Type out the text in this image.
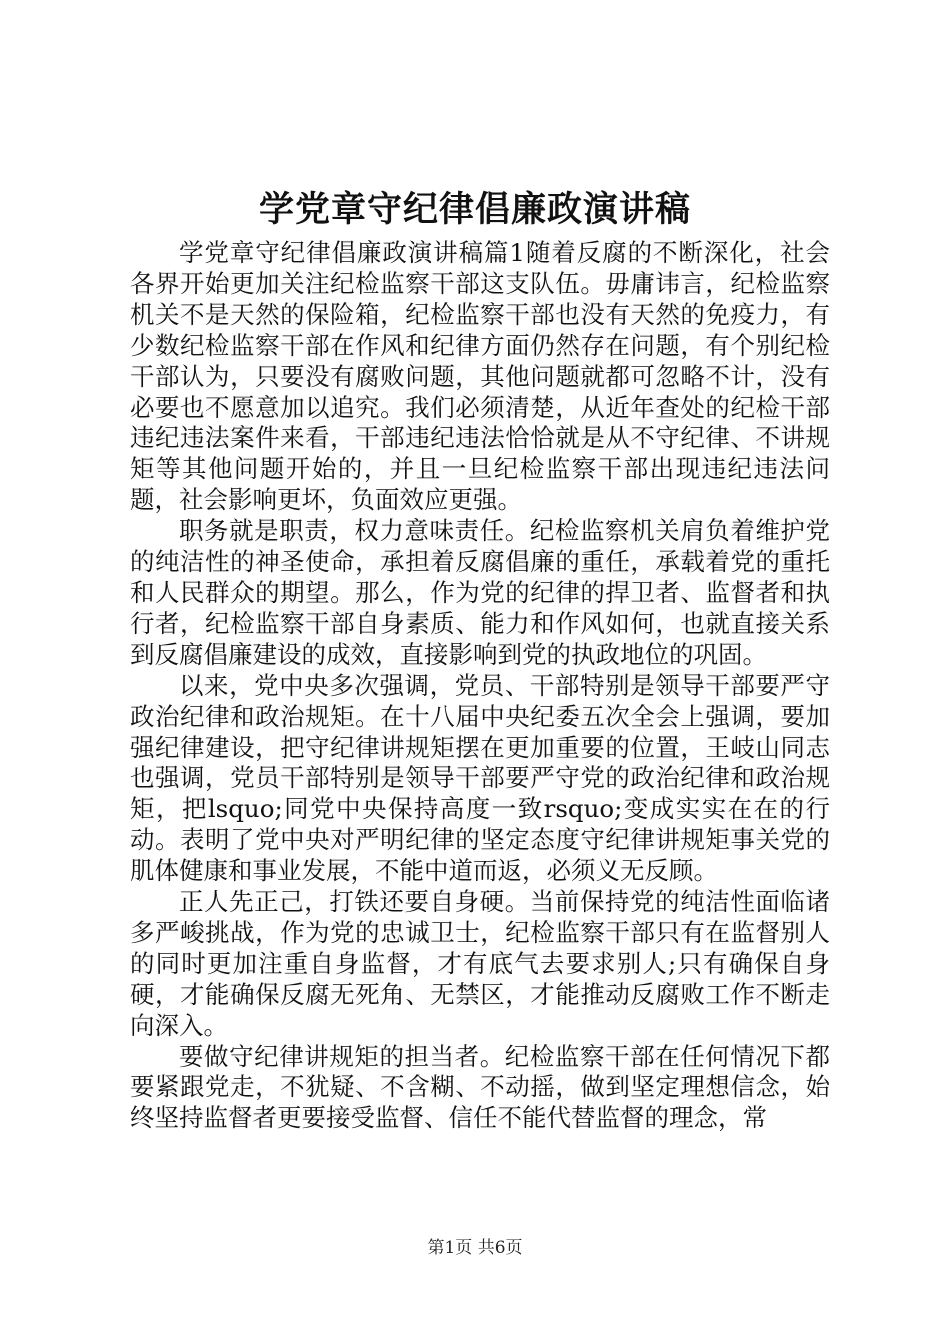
学党章守纪律倡廉政演讲稿

学党章守纪律倡廉政演讲稿篇1随着反腐的不断深化，社会各界开始更加关注纪检监察干部这支队伍。毋庸讳言，纪检监察机关不是天然的保险箱，纪检监察干部也没有天然的免疫力，有少数纪检监察干部在作风和纪律方面仍然存在问题，有个别纪检干部认为，只要没有腐败问题，其他问题就都可忽略不计，没有必要也不愿意加以追究。我们必须清楚，从近年查处的纪检干部违纪违法案件来看，干部违纪违法恰恰就是从不守纪律、不讲规矩等其他问题开始的，并且一旦纪检监察干部出现违纪违法问题，社会影响更坏，负面效应更强。

职务就是职责，权力意味责任。纪检监察机关肩负着维护党的纯洁性的神圣使命，承担着反腐倡廉的重任，承载着党的重托和人民群众的期望。那么，作为党的纪律的捍卫者、监督者和执行者，纪检监察干部自身素质、能力和作风如何，也就直接关系到反腐倡廉建设的成效，直接影响到党的执政地位的巩固。

以来，党中央多次强调，党员、干部特别是领导干部要严守政治纪律和政治规矩。在十八届中央纪委五次全会上强调，要加强纪律建设，把守纪律讲规矩摆在更加重要的位置，王岐山同志也强调，党员干部特别是领导干部要严守党的政治纪律和政治规矩，把lsquo;同党中央保持高度一致rsquo;变成实实在在的行动。表明了党中央对严明纪律的坚定态度守纪律讲规矩事关党的肌体健康和事业发展，不能中道而返，必须义无反顾。

正人先正己，打铁还要自身硬。当前保持党的纯洁性面临诸多严峻挑战，作为党的忠诚卫士，纪检监察干部只有在监督别人的同时更加注重自身监督，才有底气去要求别人;只有确保自身硬，才能确保反腐无死角、无禁区，才能推动反腐败工作不断走向深入。

要做守纪律讲规矩的担当者。纪检监察干部在任何情况下都要紧跟党走，不犹疑、不含糊、不动摇，做到坚定理想信念，始终坚持监督者更要接受监督、信任不能代替监督的理念，常

第1页 共6页
